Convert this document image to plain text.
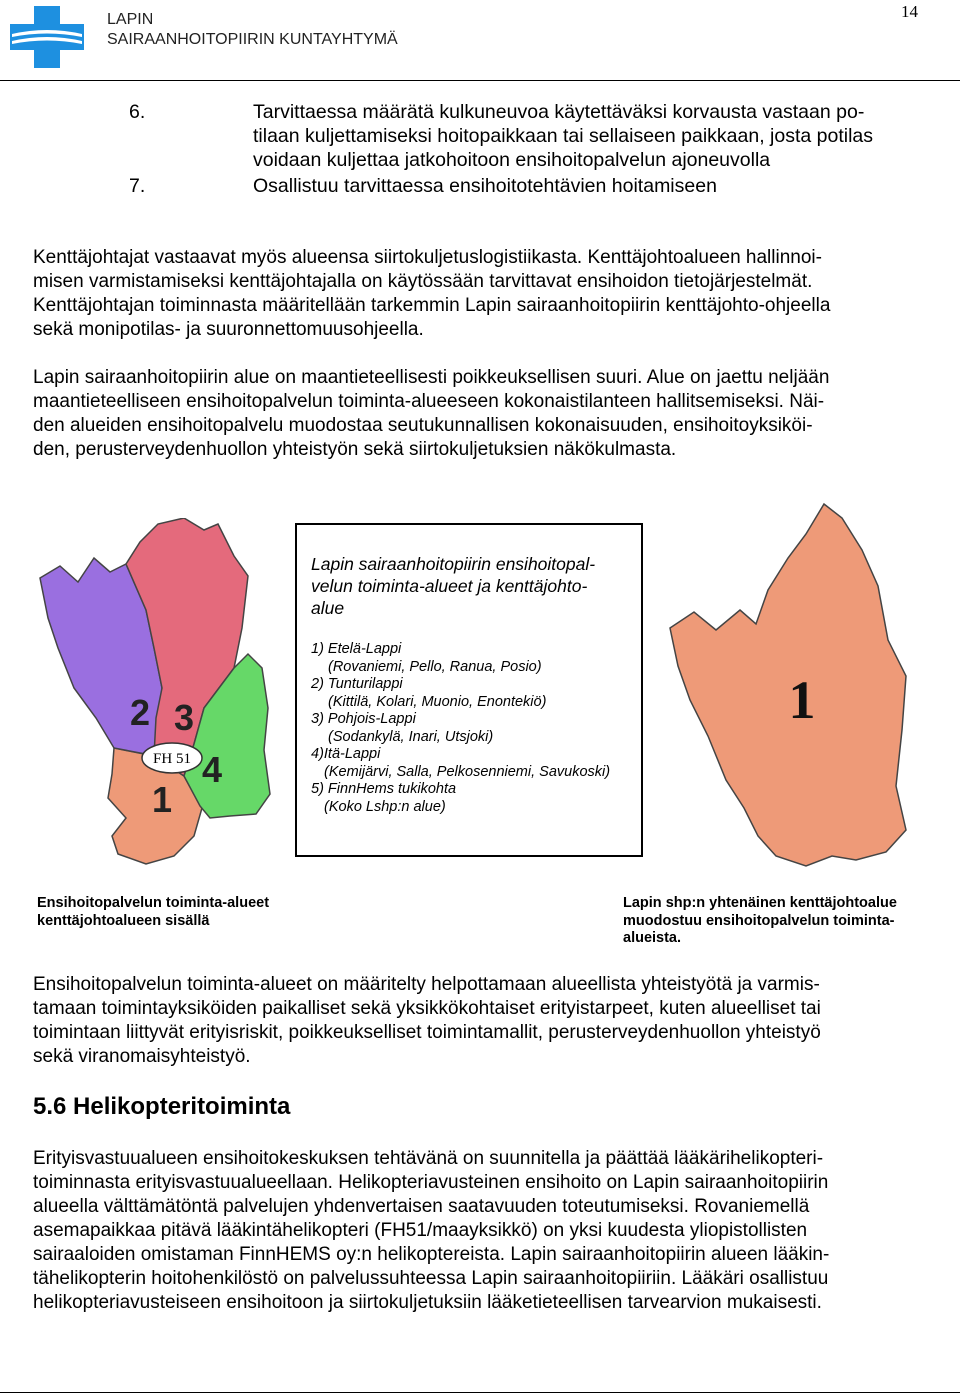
LAPIN
SAIRAANHOITOPIIRIN KUNTAYHTYMÄ
14
6.	Tarvittaessa määrätä kulkuneuvoa käytettäväksi korvausta vastaan po-
tilaan kuljettamiseksi hoitopaikkaan tai sellaiseen paikkaan, josta potilas
voidaan kuljettaa jatkohoitoon ensihoitopalvelun ajoneuvolla
7.	Osallistuu tarvittaessa ensihoitotehtävien hoitamiseen

Kenttäjohtajat vastaavat myös alueensa siirtokuljetuslogistiikasta. Kenttäjohtoalueen hallinnoi-

misen varmistamiseksi kenttäjohtajalla on käytössään tarvittavat ensihoidon tietojärjestelmät.

Kenttäjohtajan toiminnasta määritellään tarkemmin Lapin sairaanhoitopiirin kenttäjohto-ohjeella

sekä monipotilas- ja suuronnettomuusohjeella.

Lapin sairaanhoitopiirin alue on maantieteellisesti poikkeuksellisen suuri. Alue on jaettu neljään

maantieteelliseen ensihoitopalvelun toiminta-alueeseen kokonaistilanteen hallitsemiseksi. Näi-

den alueiden ensihoitopalvelu muodostaa seutukunnallisen kokonaisuuden, ensihoitoyksiköi-

den, perusterveydenhuollon yhteistyön sekä siirtokuljetuksien näkökulmasta.

2 3
4
1
FH 51

Lapin sairaanhoitopiirin ensihoitopal-

velun toiminta-alueet ja kenttäjohto-

alue

1) Etelä-Lappi

(Rovaniemi, Pello, Ranua, Posio)

2) Tunturilappi

(Kittilä, Kolari, Muonio, Enontekiö)

3) Pohjois-Lappi

(Sodankylä, Inari, Utsjoki)

4)Itä-Lappi

(Kemijärvi, Salla, Pelkosenniemi, Savukoski)

5) FinnHems tukikohta

(Koko Lshp:n alue)

1

Ensihoitopalvelun toiminta-alueet

kenttäjohtoalueen sisällä

Lapin shp:n yhtenäinen kenttäjohtoalue

muodostuu ensihoitopalvelun toiminta-

alueista.

Ensihoitopalvelun toiminta-alueet on määritelty helpottamaan alueellista yhteistyötä ja varmis-

tamaan toimintayksiköiden paikalliset sekä yksikkökohtaiset erityistarpeet, kuten alueelliset tai

toimintaan liittyvät erityisriskit, poikkeukselliset toimintamallit, perusterveydenhuollon yhteistyö

sekä viranomaisyhteistyö.

5.6 Helikopteritoiminta

Erityisvastuualueen ensihoitokeskuksen tehtävänä on suunnitella ja päättää lääkärihelikopteri-

toiminnasta erityisvastuualueellaan. Helikopteriavusteinen ensihoito on Lapin sairaanhoitopiirin

alueella välttämätöntä palvelujen yhdenvertaisen saatavuuden toteutumiseksi. Rovaniemellä

asemapaikkaa pitävä lääkintähelikopteri (FH51/maayksikkö) on yksi kuudesta yliopistollisten

sairaaloiden omistaman FinnHEMS oy:n helikoptereista. Lapin sairaanhoitopiirin alueen lääkin-

tähelikopterin hoitohenkilöstö on palvelussuhteessa Lapin sairaanhoitopiiriin. Lääkäri osallistuu

helikopteriavusteiseen ensihoitoon ja siirtokuljetuksiin lääketieteellisen tarvearvion mukaisesti.
